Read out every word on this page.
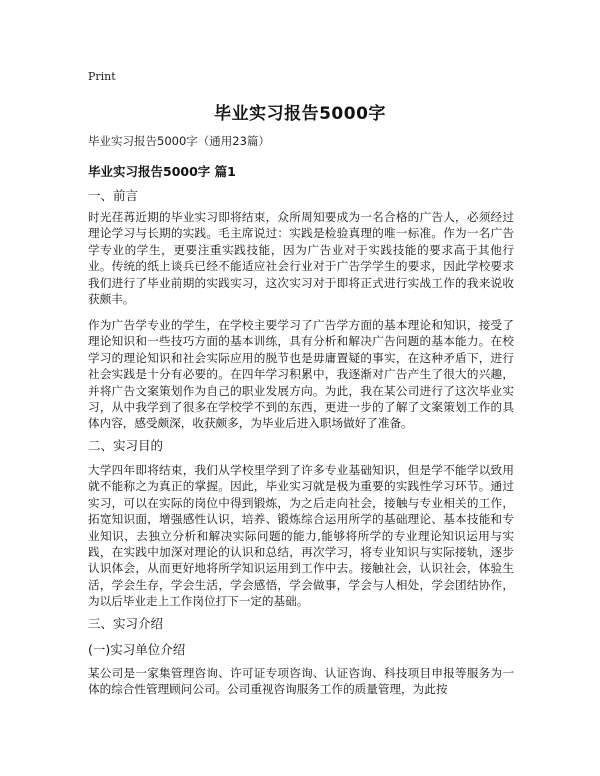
Print
毕业实习报告5000字
毕业实习报告5000字（通用23篇）
毕业实习报告5000字 篇1
一、前言

时光荏苒近期的毕业实习即将结束，众所周知要成为一名合格的广告人，必须经过理论学习与长期的实践。毛主席说过：实践是检验真理的唯一标准。作为一名广告学专业的学生，更要注重实践技能，因为广告业对于实践技能的要求高于其他行业。传统的纸上谈兵已经不能适应社会行业对于广告学学生的要求，因此学校要求我们进行了毕业前期的实践实习，这次实习对于即将正式进行实战工作的我来说收获颇丰。

作为广告学专业的学生，在学校主要学习了广告学方面的基本理论和知识，接受了理论知识和一些技巧方面的基本训练，具有分析和解决广告问题的基本能力。在校学习的理论知识和社会实际应用的脱节也是毋庸置疑的事实，在这种矛盾下，进行社会实践是十分有必要的。在四年学习积累中，我逐渐对广告产生了很大的兴趣，并将广告文案策划作为自己的职业发展方向。为此，我在某公司进行了这次毕业实习，从中我学到了很多在学校学不到的东西，更进一步的了解了文案策划工作的具体内容，感受颇深，收获颇多，为毕业后进入职场做好了准备。

二、实习目的

大学四年即将结束，我们从学校里学到了许多专业基础知识，但是学不能学以致用就不能称之为真正的掌握。因此，毕业实习就是极为重要的实践性学习环节。通过实习，可以在实际的岗位中得到锻炼，为之后走向社会，接触与专业相关的工作，拓宽知识面，增强感性认识，培养、锻炼综合运用所学的基础理论、基本技能和专业知识，去独立分析和解决实际问题的能力,能够将所学的专业理论知识运用与实践，在实践中加深对理论的认识和总结，再次学习，将专业知识与实际接轨，逐步认识体会，从而更好地将所学知识运用到工作中去。接触社会，认识社会，体验生活，学会生存，学会生活，学会感悟，学会做事，学会与人相处，学会团结协作，为以后毕业走上工作岗位打下一定的基础。

三、实习介绍
(一)实习单位介绍

某公司是一家集管理咨询、许可证专项咨询、认证咨询、科技项目申报等服务为一体的综合性管理顾问公司。公司重视咨询服务工作的质量管理，为此按
